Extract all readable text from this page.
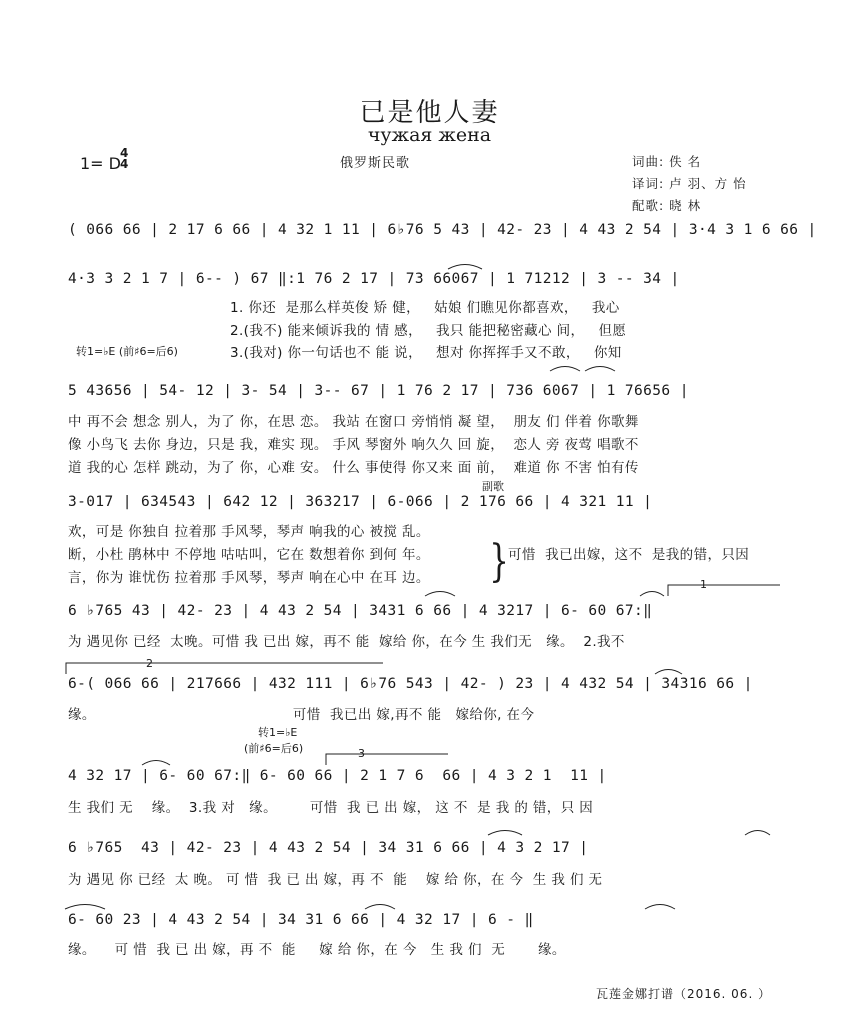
已是他人妻
чужая жена
1= D
4
4	俄罗斯民歌	词曲: 佚 名
译词: 卢 羽、方 怡
配歌: 晓 林
( 066 66 | 2 17 6 66 | 4 32 1 11 | 6♭76 5 43 | 42- 23 | 4 43 2 54 | 3·4 3 1 6 66 |
4·3 3 2 1 7 | 6-- ) 67 ‖:1 76 2 17 | 73 66067 | 1 71212 | 3 -- 34 |
1. 你还  是那么样英俊 矫 健，   姑娘 们瞧见你都喜欢，   我心
2.(我不) 能来倾诉我的 情 感，   我只 能把秘密藏心 间，   但愿
转1=♭E (前♯6=后6)	3.(我对) 你一句话也不 能 说，   想对 你挥挥手又不敢，   你知
5 43656 | 54- 12 | 3- 54 | 3-- 67 | 1 76 2 17 | 736 6067 | 1 76656 |
中 再不会 想念 别人，为了 你，在思 恋。 我站 在窗口 旁悄悄 凝 望，  朋友 们 伴着 你歌舞
像 小鸟飞 去你 身边，只是 我，难实 现。 手风 琴窗外 响久久 回 旋，  恋人 旁 夜莺 唱歌不
道 我的心 怎样 跳动，为了 你，心难 安。 什么 事使得 你又来 面 前，  难道 你 不害 怕有传
副歌
3-017 | 634543 | 642 12 | 363217 | 6-066 | 2 176 66 | 4 321 11 |
欢，可是 你独自 拉着那 手风琴，琴声 响我的心 被搅 乱。
断，小杜 鹃林中 不停地 咕咕叫，它在 数想着你 到何 年。
言，你为 谁忧伤 拉着那 手风琴，琴声 响在心中 在耳 边。 } 可惜  我已出嫁，这不  是我的错，只因
1
6 ♭765 43 | 42- 23 | 4 43 2 54 | 3431 6 66 | 4 3217 | 6- 60 67:‖
为 遇见你 已经  太晚。可惜 我 已出 嫁，再不 能  嫁给 你，在今 生 我们无   缘。  2.我不
2
6-( 066 66 | 217666 | 432 111 | 6♭76 543 | 42- ) 23 | 4 432 54 | 34316 66 |
缘。                                          可惜  我已出 嫁,再不 能   嫁给你, 在今
转1=♭E
(前♯6=后6)	3
4 32 17 | 6- 60 67:‖ 6- 60 66 | 2 1 7 6  66 | 4 3 2 1  11 |
生 我们 无    缘。  3.我 对   缘。       可惜  我 已 出 嫁， 这 不  是 我 的 错，只 因
6 ♭765  43 | 42- 23 | 4 43 2 54 | 34 31 6 66 | 4 3 2 17 |
为 遇见 你 已经  太 晚。 可 惜  我 已 出 嫁，再 不  能    嫁 给 你，在 今  生 我 们 无
6- 60 23 | 4 43 2 54 | 34 31 6 66 | 4 32 17 | 6 - ‖
缘。    可 惜  我 已 出 嫁，再 不  能     嫁 给 你，在 今   生 我 们  无       缘。
瓦莲金娜打谱（2016. 06. ）
